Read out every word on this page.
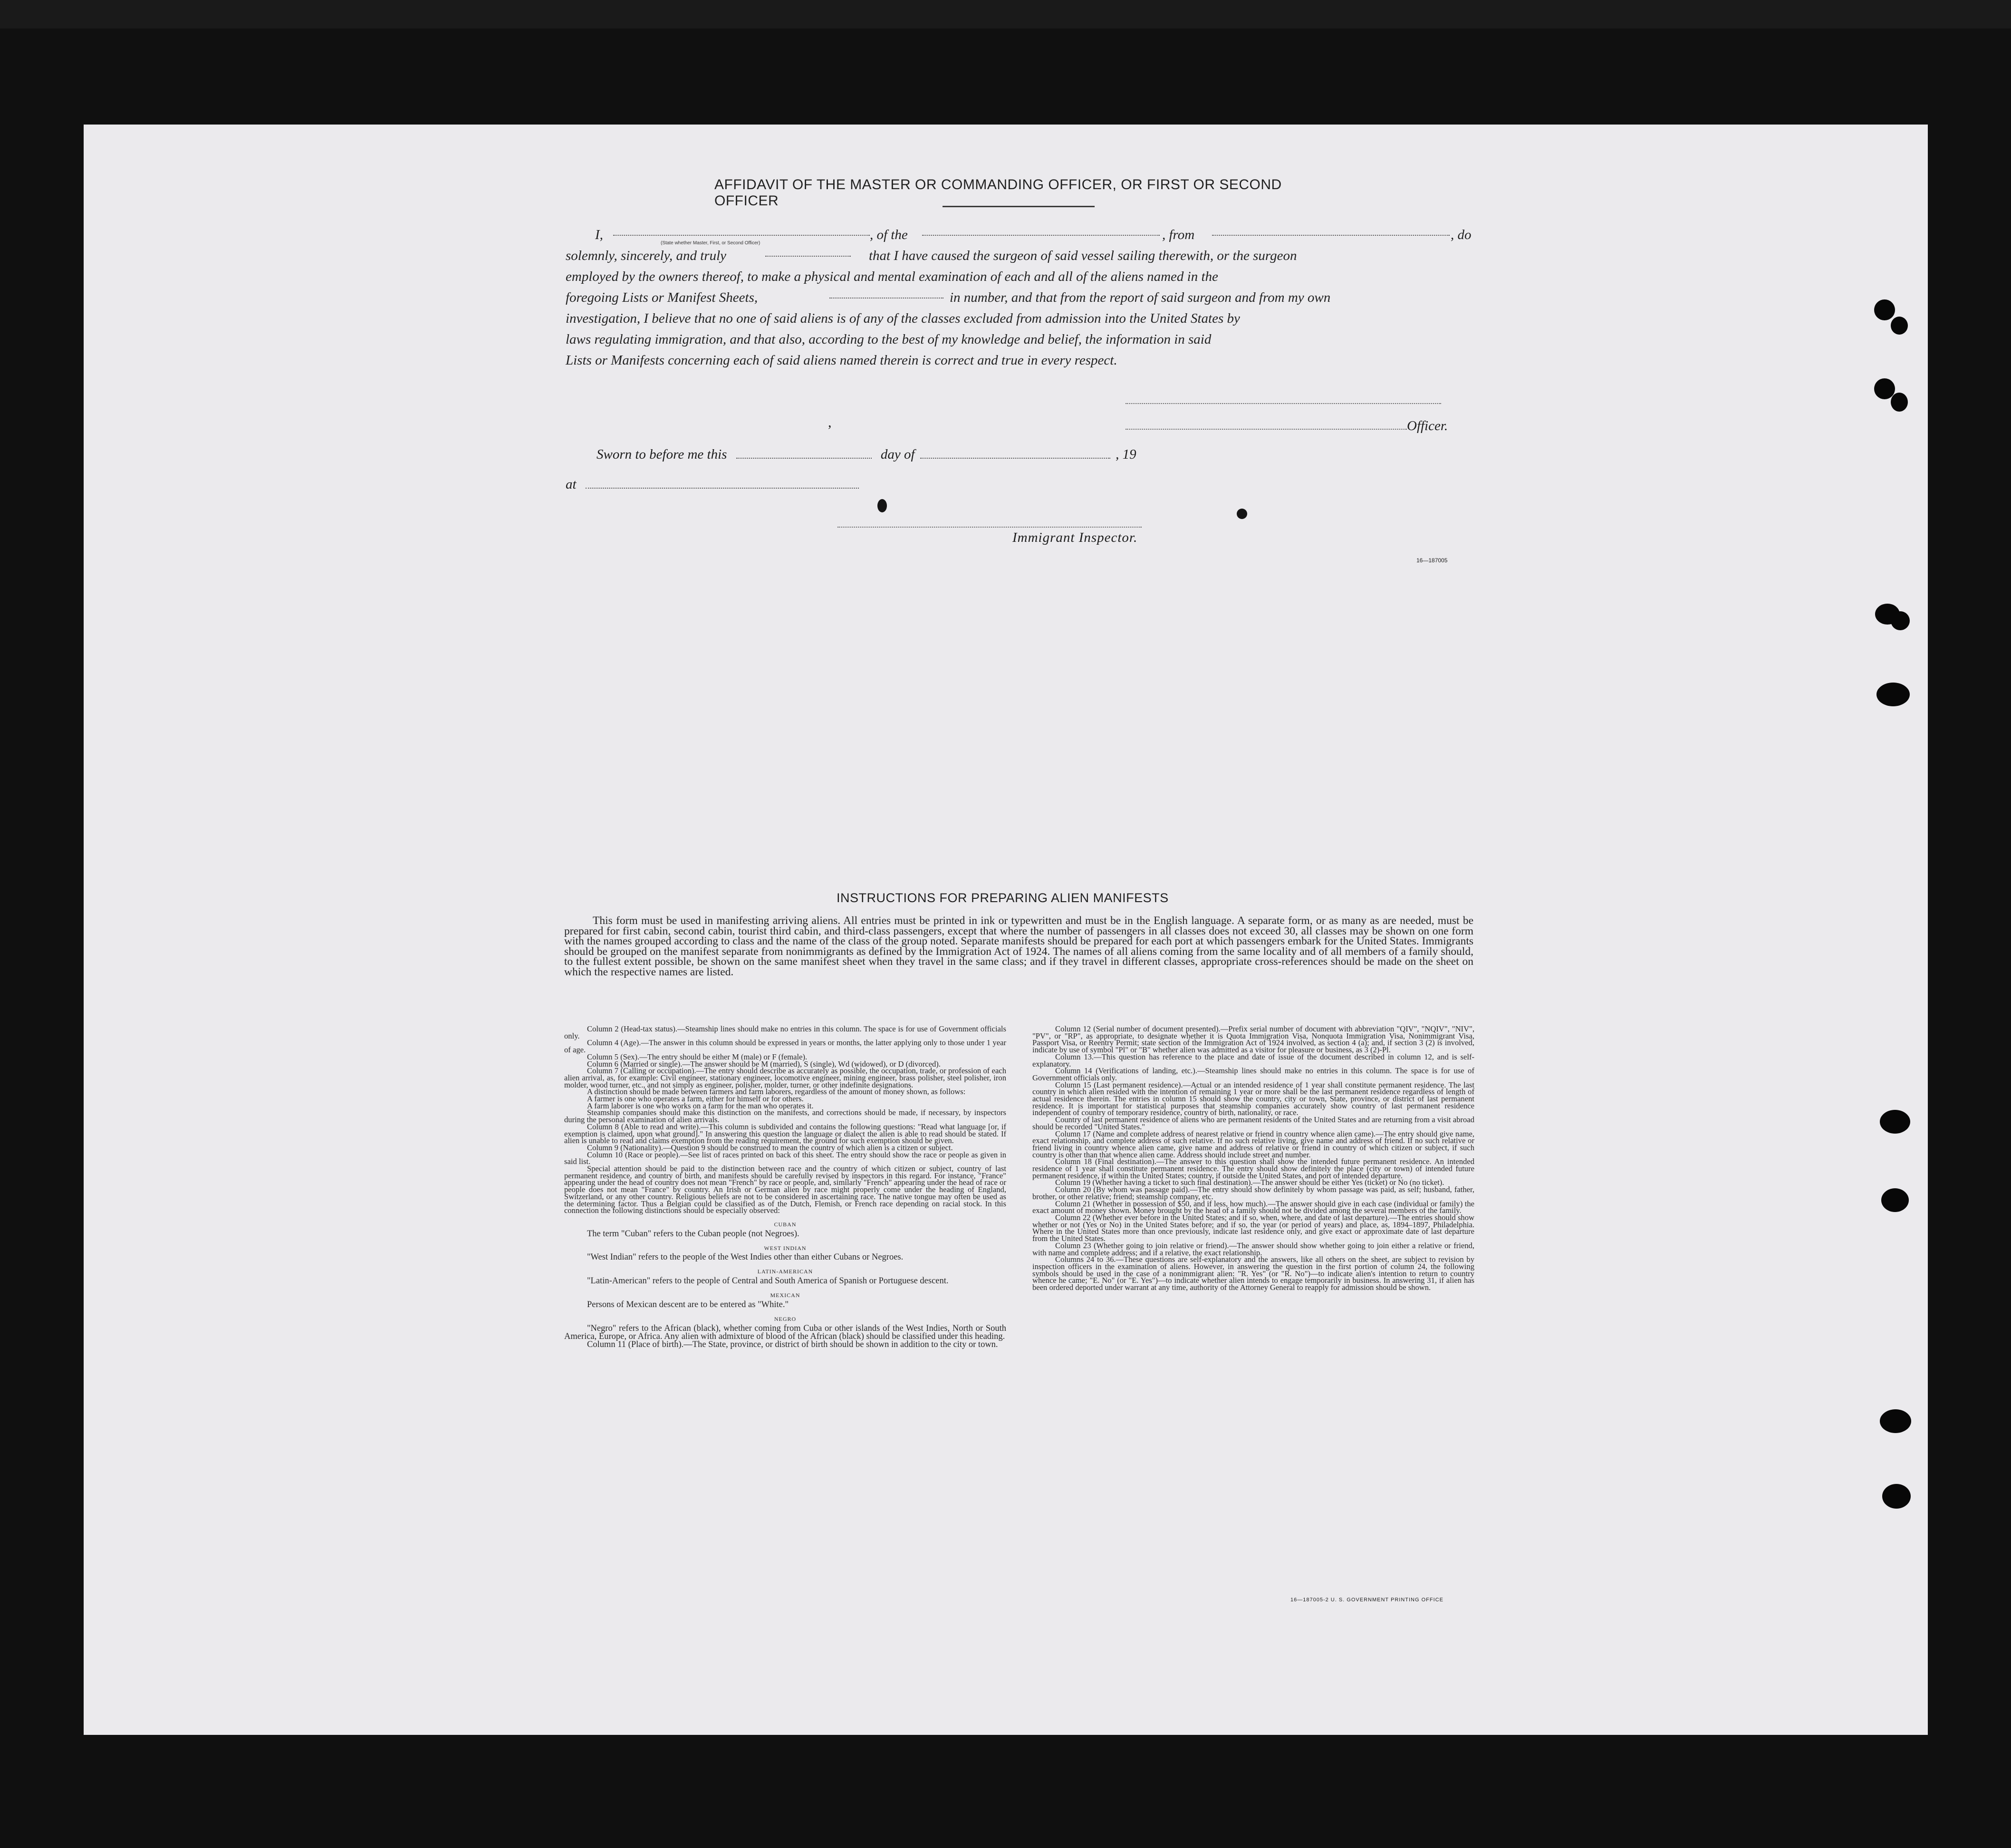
AFFIDAVIT OF THE MASTER OR COMMANDING OFFICER, OR FIRST OR SECOND OFFICER
I,	, of the	, from	, do
solemnly, sincerely, and truly	that I have caused the surgeon of said vessel sailing therewith, or the surgeon
employed by the owners thereof, to make a physical and mental examination of each and all of the aliens named in the
foregoing Lists or Manifest Sheets,	in number, and that from the report of said surgeon and from my own
investigation, I believe that no one of said aliens is of any of the classes excluded from admission into the United States by
laws regulating immigration, and that also, according to the best of my knowledge and belief, the information in said
Lists or Manifests concerning each of said aliens named therein is correct and true in every respect.
(State whether Master, First, or Second Officer)
,	Officer.
Sworn to before me this	day of	, 19
at
Immigrant Inspector.
16—187005
INSTRUCTIONS FOR PREPARING ALIEN MANIFESTS
This form must be used in manifesting arriving aliens. All entries must be printed in ink or typewritten and must be in the English language. A separate form, or as many as are needed, must be prepared for first cabin, second cabin, tourist third cabin, and third-class passengers, except that where the number of passengers in all classes does not exceed 30, all classes may be shown on one form with the names grouped according to class and the name of the class of the group noted. Separate manifests should be prepared for each port at which passengers embark for the United States. Immigrants should be grouped on the manifest separate from nonimmigrants as defined by the Immigration Act of 1924. The names of all aliens coming from the same locality and of all members of a family should, to the fullest extent possible, be shown on the same manifest sheet when they travel in the same class; and if they travel in different classes, appropriate cross-references should be made on the sheet on which the respective names are listed.

Column 2 (Head-tax status).—Steamship lines should make no entries in this column. The space is for use of Government officials only.

Column 4 (Age).—The answer in this column should be expressed in years or months, the latter applying only to those under 1 year of age.

Column 5 (Sex).—The entry should be either M (male) or F (female).

Column 6 (Married or single).—The answer should be M (married), S (single), Wd (widowed), or D (divorced).

Column 7 (Calling or occupation).—The entry should describe as accurately as possible, the occupation, trade, or profession of each alien arrival, as, for example: Civil engineer, stationary engineer, locomotive engineer, mining engineer, brass polisher, steel polisher, iron molder, wood turner, etc., and not simply as engineer, polisher, molder, turner, or other indefinite designations.

A distinction should be made between farmers and farm laborers, regardless of the amount of money shown, as follows:

A farmer is one who operates a farm, either for himself or for others.

A farm laborer is one who works on a farm for the man who operates it.

Steamship companies should make this distinction on the manifests, and corrections should be made, if necessary, by inspectors during the personal examination of alien arrivals.

Column 8 (Able to read and write).—This column is subdivided and contains the following questions: "Read what language [or, if exemption is claimed, upon what ground]." In answering this question the language or dialect the alien is able to read should be stated. If alien is unable to read and claims exemption from the reading requirement, the ground for such exemption should be given.

Column 9 (Nationality).—Question 9 should be construed to mean the country of which alien is a citizen or subject.

Column 10 (Race or people).—See list of races printed on back of this sheet. The entry should show the race or people as given in said list.

Special attention should be paid to the distinction between race and the country of which citizen or subject, country of last permanent residence, and country of birth, and manifests should be carefully revised by inspectors in this regard. For instance, "France" appearing under the head of country does not mean "French" by race or people, and, similarly "French" appearing under the head of race or people does not mean "France" by country. An Irish or German alien by race might properly come under the heading of England, Switzerland, or any other country. Religious beliefs are not to be considered in ascertaining race. The native tongue may often be used as the determining factor. Thus a Belgian could be classified as of the Dutch, Flemish, or French race depending on racial stock. In this connection the following distinctions should be especially observed:

CUBAN

The term "Cuban" refers to the Cuban people (not Negroes).

WEST INDIAN

"West Indian" refers to the people of the West Indies other than either Cubans or Negroes.

LATIN-AMERICAN

"Latin-American" refers to the people of Central and South America of Spanish or Portuguese descent.

MEXICAN

Persons of Mexican descent are to be entered as "White."

NEGRO

"Negro" refers to the African (black), whether coming from Cuba or other islands of the West Indies, North or South America, Europe, or Africa. Any alien with admixture of blood of the African (black) should be classified under this heading.

Column 11 (Place of birth).—The State, province, or district of birth should be shown in addition to the city or town.

Column 12 (Serial number of document presented).—Prefix serial number of document with abbreviation "QIV", "NQIV", "NIV", "PV", or "RP", as appropriate, to designate whether it is Quota Immigration Visa, Nonquota Immigration Visa, Nonimmigrant Visa, Passport Visa, or Reentry Permit; state section of the Immigration Act of 1924 involved, as section 4 (a); and, if section 3 (2) is involved, indicate by use of symbol "Pl" or "B" whether alien was admitted as a visitor for pleasure or business, as 3 (2)-Pl.

Column 13.—This question has reference to the place and date of issue of the document described in column 12, and is self-explanatory.

Column 14 (Verifications of landing, etc.).—Steamship lines should make no entries in this column. The space is for use of Government officials only.

Column 15 (Last permanent residence).—Actual or an intended residence of 1 year shall constitute permanent residence. The last country in which alien resided with the intention of remaining 1 year or more shall be the last permanent residence regardless of length of actual residence therein. The entries in column 15 should show the country, city or town, State, province, or district of last permanent residence. It is important for statistical purposes that steamship companies accurately show country of last permanent residence independent of country of temporary residence, country of birth, nationality, or race.

Country of last permanent residence of aliens who are permanent residents of the United States and are returning from a visit abroad should be recorded "United States."

Column 17 (Name and complete address of nearest relative or friend in country whence alien came).—The entry should give name, exact relationship, and complete address of such relative. If no such relative living, give name and address of friend. If no such relative or friend living in country whence alien came, give name and address of relative or friend in country of which citizen or subject, if such country is other than that whence alien came. Address should include street and number.

Column 18 (Final destination).—The answer to this question shall show the intended future permanent residence. An intended residence of 1 year shall constitute permanent residence. The entry should show definitely the place (city or town) of intended future permanent residence, if within the United States; country, if outside the United States, and port of intended departure.

Column 19 (Whether having a ticket to such final destination).—The answer should be either Yes (ticket) or No (no ticket).

Column 20 (By whom was passage paid).—The entry should show definitely by whom passage was paid, as self; husband, father, brother, or other relative; friend; steamship company, etc.

Column 21 (Whether in possession of $50, and if less, how much).—The answer should give in each case (individual or family) the exact amount of money shown. Money brought by the head of a family should not be divided among the several members of the family.

Column 22 (Whether ever before in the United States; and if so, when, where, and date of last departure).—The entries should show whether or not (Yes or No) in the United States before; and if so, the year (or period of years) and place, as, 1894–1897, Philadelphia. Where in the United States more than once previously, indicate last residence only, and give exact or approximate date of last departure from the United States.

Column 23 (Whether going to join relative or friend).—The answer should show whether going to join either a relative or friend, with name and complete address; and if a relative, the exact relationship.

Columns 24 to 36.—These questions are self-explanatory and the answers, like all others on the sheet, are subject to revision by inspection officers in the examination of aliens. However, in answering the question in the first portion of column 24, the following symbols should be used in the case of a nonimmigrant alien: "R. Yes" (or "R. No")—to indicate alien's intention to return to country whence he came; "E. No" (or "E. Yes")—to indicate whether alien intends to engage temporarily in business. In answering 31, if alien has been ordered deported under warrant at any time, authority of the Attorney General to reapply for admission should be shown.

16—187005-2 U. S. GOVERNMENT PRINTING OFFICE
